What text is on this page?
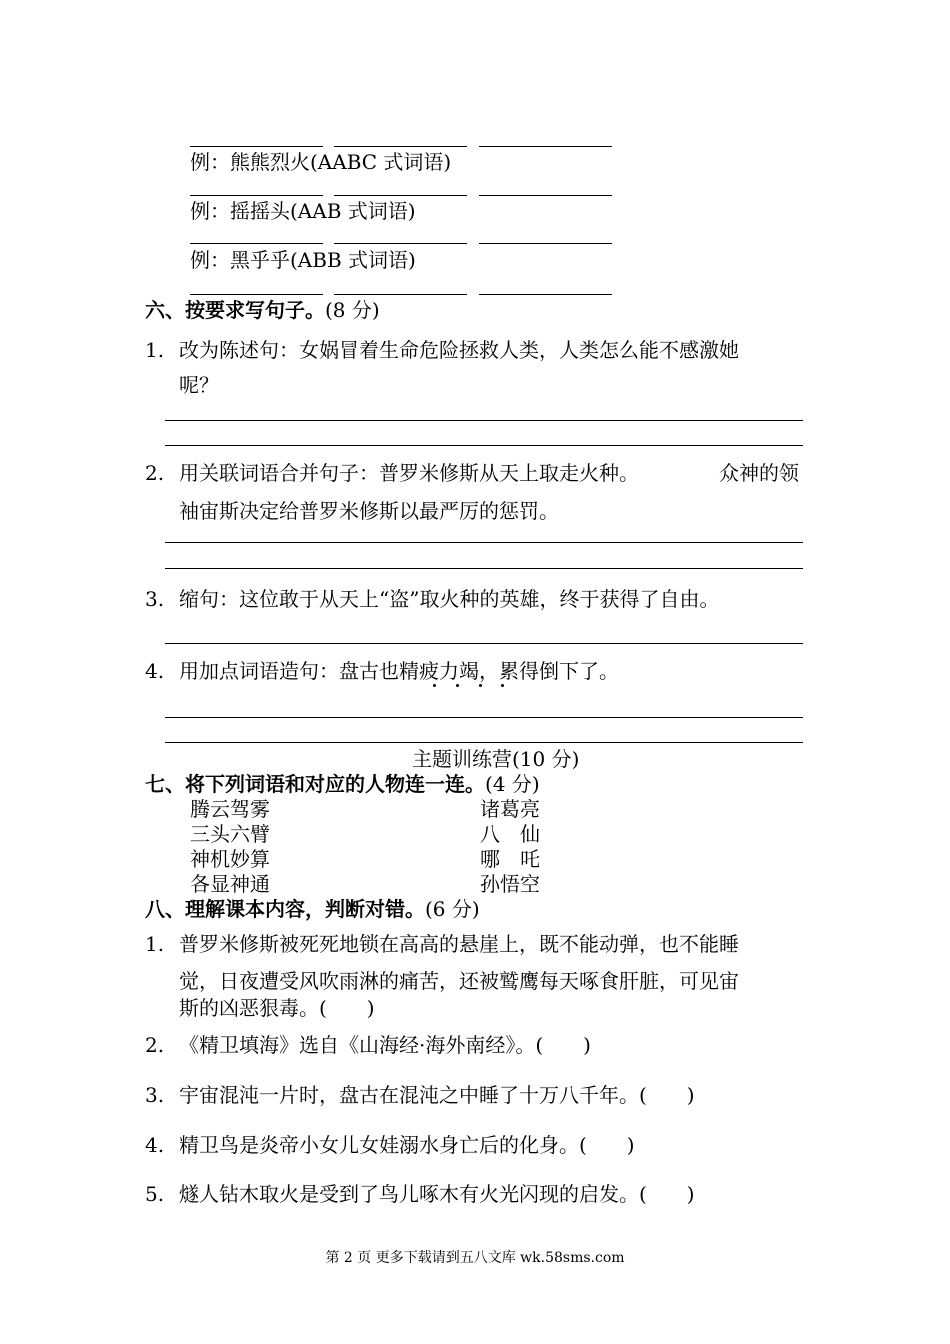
例：熊熊烈火(AABC 式词语)
例：摇摇头(AAB 式词语)
例：黑乎乎(ABB 式词语)
六、按要求写句子。(8 分)
1. 改为陈述句：女娲冒着生命危险拯救人类，人类怎么能不感激她
呢？
2. 用关联词语合并句子：普罗米修斯从天上取走火种。	众神的领
袖宙斯决定给普罗米修斯以最严厉的惩罚。
3. 缩句：这位敢于从天上“盗”取火种的英雄，终于获得了自由。
4. 用加点词语造句：盘古也精疲力竭，累得倒下了。
主题训练营(10 分)
七、将下列词语和对应的人物连一连。(4 分)
腾云驾雾
三头六臂
神机妙算
各显神通
诸葛亮
八　仙
哪　吒
孙悟空
八、理解课本内容，判断对错。(6 分)
1. 普罗米修斯被死死地锁在高高的悬崖上，既不能动弹，也不能睡
觉，日夜遭受风吹雨淋的痛苦，还被鹫鹰每天啄食肝脏，可见宙
斯的凶恶狠毒。(　　)
2. 《精卫填海》选自《山海经·海外南经》。(　　)
3. 宇宙混沌一片时，盘古在混沌之中睡了十万八千年。(　　)
4. 精卫鸟是炎帝小女儿女娃溺水身亡后的化身。(　　)
5. 燧人钻木取火是受到了鸟儿啄木有火光闪现的启发。(　　)
第 2 页 更多下载请到五八文库 wk.58sms.com
